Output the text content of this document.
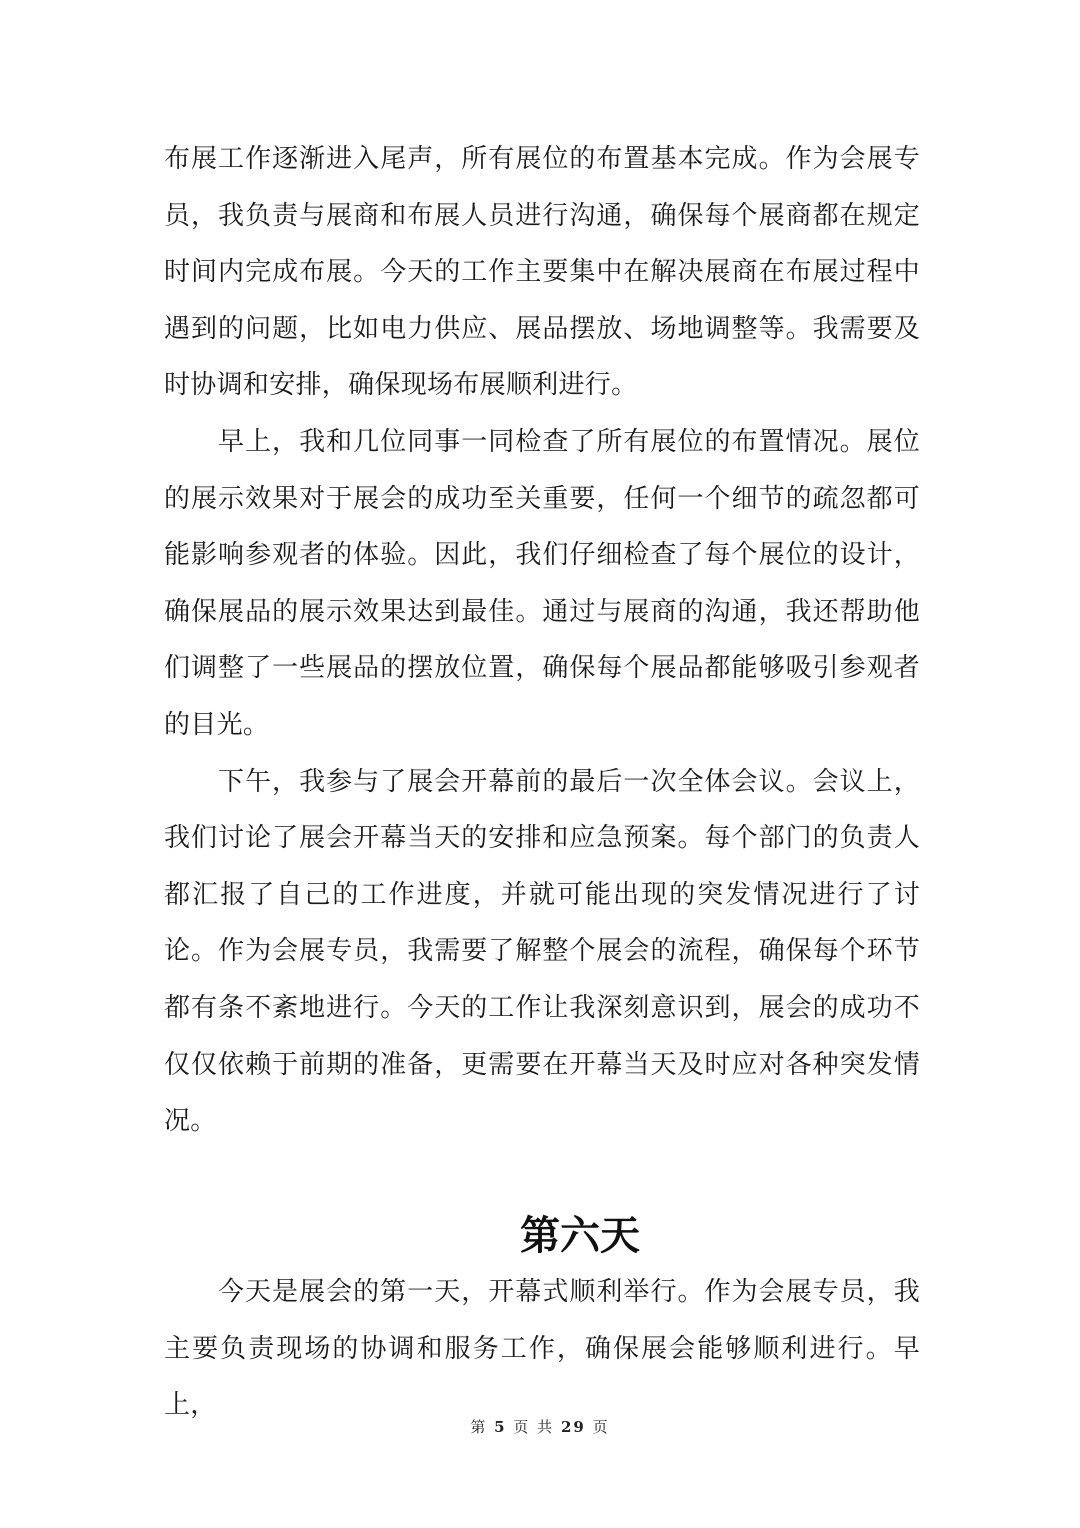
布展工作逐渐进入尾声，所有展位的布置基本完成。作为会展专员，我负责与展商和布展人员进行沟通，确保每个展商都在规定时间内完成布展。今天的工作主要集中在解决展商在布展过程中遇到的问题，比如电力供应、展品摆放、场地调整等。我需要及时协调和安排，确保现场布展顺利进行。

早上，我和几位同事一同检查了所有展位的布置情况。展位的展示效果对于展会的成功至关重要，任何一个细节的疏忽都可能影响参观者的体验。因此，我们仔细检查了每个展位的设计，确保展品的展示效果达到最佳。通过与展商的沟通，我还帮助他们调整了一些展品的摆放位置，确保每个展品都能够吸引参观者的目光。

下午，我参与了展会开幕前的最后一次全体会议。会议上，我们讨论了展会开幕当天的安排和应急预案。每个部门的负责人都汇报了自己的工作进度，并就可能出现的突发情况进行了讨论。作为会展专员，我需要了解整个展会的流程，确保每个环节都有条不紊地进行。今天的工作让我深刻意识到，展会的成功不仅仅依赖于前期的准备，更需要在开幕当天及时应对各种突发情况。

第六天

今天是展会的第一天，开幕式顺利举行。作为会展专员，我主要负责现场的协调和服务工作，确保展会能够顺利进行。早上，

第 5 页 共 29 页
